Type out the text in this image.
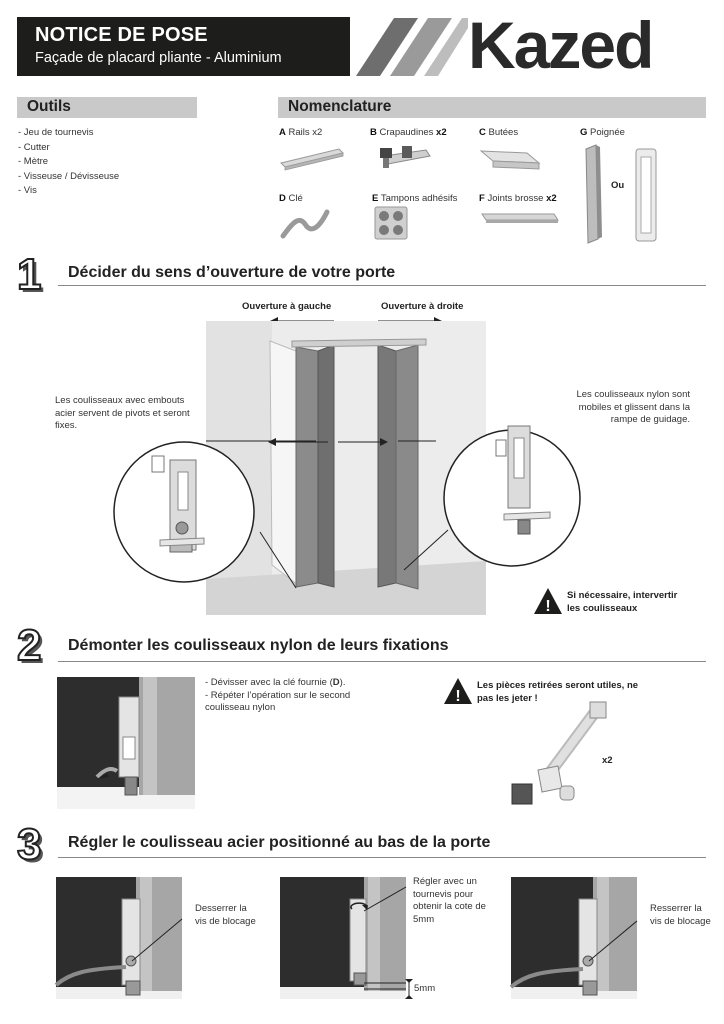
NOTICE DE POSE
Façade de placard pliante - Aluminium	Kazed
Outils
- Jeu de tournevis
- Cutter
- Mètre
- Visseuse / Dévisseuse
- Vis
Nomenclature
A Rails x2	B Crapaudines x2	C Butées	G Poignée
D Clé	E Tampons adhésifs F Joints brosse x2
Ou
1 Décider du sens d’ouverture de votre porte
Ouverture à gauche	Ouverture à droite
Les coulisseaux avec embouts acier servent de pivots et seront fixes.
Les coulisseaux nylon sont mobiles et glissent dans la rampe de guidage.
!
Si nécessaire, intervertir les coulisseaux
2 Démonter les coulisseaux nylon de leurs fixations
- Dévisser avec la clé fournie (D).
- Répéter l’opération sur le second coulisseau nylon
!
Les pièces retirées seront utiles, ne pas les jeter !
x2
3 Régler le coulisseau acier positionné au bas de la porte
Desserrer la vis de blocage
Régler avec un tournevis pour obtenir la cote de 5mm
5mm
Resserrer la vis de blocage
